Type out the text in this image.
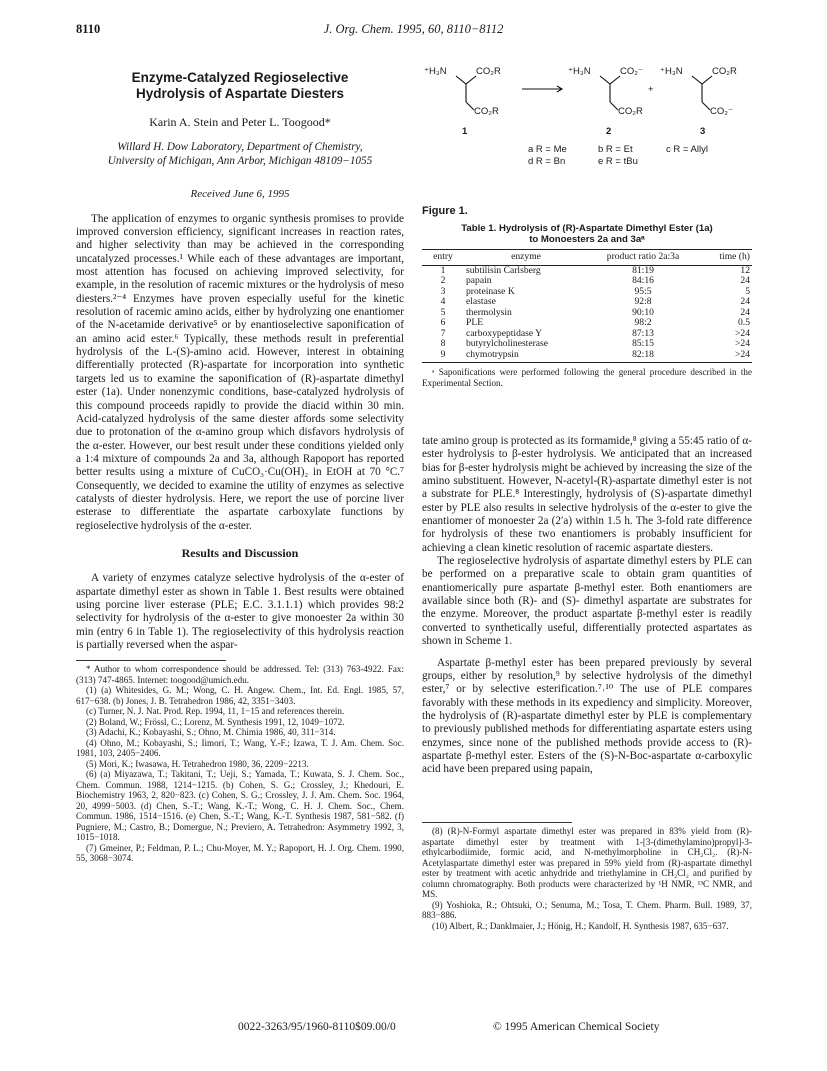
8110	J. Org. Chem. 1995, 60, 8110−8112
Enzyme-Catalyzed Regioselective
Hydrolysis of Aspartate Diesters
Karin A. Stein and Peter L. Toogood*
Willard H. Dow Laboratory, Department of Chemistry,
University of Michigan, Ann Arbor, Michigan 48109−1055
Received June 6, 1995

The application of enzymes to organic synthesis promises to provide improved conversion efficiency, significant increases in reaction rates, and higher selectivity than may be achieved in the corresponding uncatalyzed processes.¹ While each of these advantages are important, most attention has focused on achieving improved selectivity, for example, in the resolution of racemic mixtures or the hydrolysis of meso diesters.²⁻⁴ Enzymes have proven especially useful for the kinetic resolution of racemic amino acids, either by hydrolyzing one enantiomer of the N-acetamide derivative⁵ or by enantioselective saponification of an amino acid ester.⁶ Typically, these methods result in preferential hydrolysis of the L-(S)-amino acid. However, interest in obtaining differentially protected (R)-aspartate for incorporation into synthetic targets led us to examine the saponification of (R)-aspartate dimethyl ester (1a). Under nonenzymic conditions, base-catalyzed hydrolysis of this compound proceeds rapidly to provide the diacid within 30 min. Acid-catalyzed hydrolysis of the same diester affords some selectivity due to protonation of the α-amino group which disfavors hydrolysis of the α-ester. However, our best result under these conditions yielded only a 1:4 mixture of compounds 2a and 3a, although Rapoport has reported better results using a mixture of CuCO₃·Cu(OH)₂ in EtOH at 70 °C.⁷ Consequently, we decided to examine the utility of enzymes as selective catalysts of diester hydrolysis. Here, we report the use of porcine liver esterase to differentiate the aspartate carboxylate functions by regioselective hydrolysis of the α-ester.

Results and Discussion

A variety of enzymes catalyze selective hydrolysis of the α-ester of aspartate dimethyl ester as shown in Table 1. Best results were obtained using porcine liver esterase (PLE; E.C. 3.1.1.1) which provides 98:2 selectivity for hydrolysis of the α-ester to give monoester 2a within 30 min (entry 6 in Table 1). The regioselectivity of this hydrolysis reaction is partially reversed when the aspar-

* Author to whom correspondence should be addressed. Tel: (313) 763-4922. Fax: (313) 747-4865. Internet: toogood@umich.edu.

(1) (a) Whitesides, G. M.; Wong, C. H. Angew. Chem., Int. Ed. Engl. 1985, 57, 617−638. (b) Jones, J. B. Tetrahedron 1986, 42, 3351−3403.

(c) Turner, N. J. Nat. Prod. Rep. 1994, 11, 1−15 and references therein.

(2) Boland, W.; Frössl, C.; Lorenz, M. Synthesis 1991, 12, 1049−1072.

(3) Adachi, K.; Kobayashi, S.; Ohno, M. Chimia 1986, 40, 311−314.

(4) Ohno, M.; Kobayashi, S.; Iimori, T.; Wang, Y.-F.; Izawa, T. J. Am. Chem. Soc. 1981, 103, 2405−2406.

(5) Mori, K.; Iwasawa, H. Tetrahedron 1980, 36, 2209−2213.

(6) (a) Miyazawa, T.; Takitani, T.; Ueji, S.; Yamada, T.; Kuwata, S. J. Chem. Soc., Chem. Commun. 1988, 1214−1215. (b) Cohen, S. G.; Crossley, J.; Khedouri, E. Biochemistry 1963, 2, 820−823. (c) Cohen, S. G.; Crossley, J. J. Am. Chem. Soc. 1964, 20, 4999−5003. (d) Chen, S.-T.; Wang, K.-T.; Wong, C. H. J. Chem. Soc., Chem. Commun. 1986, 1514−1516. (e) Chen, S.-T.; Wang, K.-T. Synthesis 1987, 581−582. (f) Pugniere, M.; Castro, B.; Domergue, N.; Previero, A. Tetrahedron: Asymmetry 1992, 3, 1015−1018.

(7) Gmeiner, P.; Feldman, P. L.; Chu-Moyer, M. Y.; Rapoport, H. J. Org. Chem. 1990, 55, 3068−3074.

⁺H₃N	CO₂R
CO₂R
1
⁺H₃N	CO₂⁻
CO₂R
2
+
⁺H₃N	CO₂R
CO₂⁻
3
a R = Me	b R = Et	c R = Allyl
d R = Bn	e R = tBu
Figure 1.
Table 1. Hydrolysis of (R)-Aspartate Dimethyl Ester (1a)
to Monoesters 2a and 3aᵃ
entry	enzyme	product ratio 2a:3a	time (h)
1	subtilisin Carlsberg	81:19	12
2	papain	84:16	24
3	proteinase K	95:5	5
4	elastase	92:8	24
5	thermolysin	90:10	24
6	PLE	98:2	0.5
7	carboxypeptidase Y	87:13	>24
8	butyrylcholinesterase	85:15	>24
9	chymotrypsin	82:18	>24
ᵃ Saponifications were performed following the general procedure described in the Experimental Section.

tate amino group is protected as its formamide,⁸ giving a 55:45 ratio of α-ester hydrolysis to β-ester hydrolysis. We anticipated that an increased bias for β-ester hydrolysis might be achieved by increasing the size of the amino substituent. However, N-acetyl-(R)-aspartate dimethyl ester is not a substrate for PLE.⁸ Interestingly, hydrolysis of (S)-aspartate dimethyl ester by PLE also results in selective hydrolysis of the α-ester to give the enantiomer of monoester 2a (2′a) within 1.5 h. The 3-fold rate difference for hydrolysis of these two enantiomers is probably insufficient for achieving a clean kinetic resolution of racemic aspartate diesters.

The regioselective hydrolysis of aspartate dimethyl esters by PLE can be performed on a preparative scale to obtain gram quantities of enantiomerically pure aspartate β-methyl ester. Both enantiomers are available since both (R)- and (S)- dimethyl aspartate are substrates for the enzyme. Moreover, the product aspartate β-methyl ester is readily converted to synthetically useful, differentially protected aspartates as shown in Scheme 1.

Aspartate β-methyl ester has been prepared previously by several groups, either by resolution,⁹ by selective hydrolysis of the dimethyl ester,⁷ or by selective esterification.⁷˒¹⁰ The use of PLE compares favorably with these methods in its expediency and simplicity. Moreover, the hydrolysis of (R)-aspartate dimethyl ester by PLE is complementary to previously published methods for differentiating aspartate esters using enzymes, since none of the published methods provide access to (R)-aspartate β-methyl ester. Esters of the (S)-N-Boc-aspartate α-carboxylic acid have been prepared using papain,

(8) (R)-N-Formyl aspartate dimethyl ester was prepared in 83% yield from (R)-aspartate dimethyl ester by treatment with 1-[3-(dimethylamino)propyl]-3-ethylcarbodiimide, formic acid, and N-methylmorpholine in CH₂Cl₂. (R)-N-Acetylaspartate dimethyl ester was prepared in 59% yield from (R)-aspartate dimethyl ester by treatment with acetic anhydride and triethylamine in CH₂Cl₂ and purified by column chromatography. Both products were characterized by ¹H NMR, ¹³C NMR, and MS.

(9) Yoshioka, R.; Ohtsuki, O.; Senuma, M.; Tosa, T. Chem. Pharm. Bull. 1989, 37, 883−886.

(10) Albert, R.; Danklmaier, J.; Hönig, H.; Kandolf, H. Synthesis 1987, 635−637.

0022-3263/95/1960-8110$09.00/0	© 1995 American Chemical Society
